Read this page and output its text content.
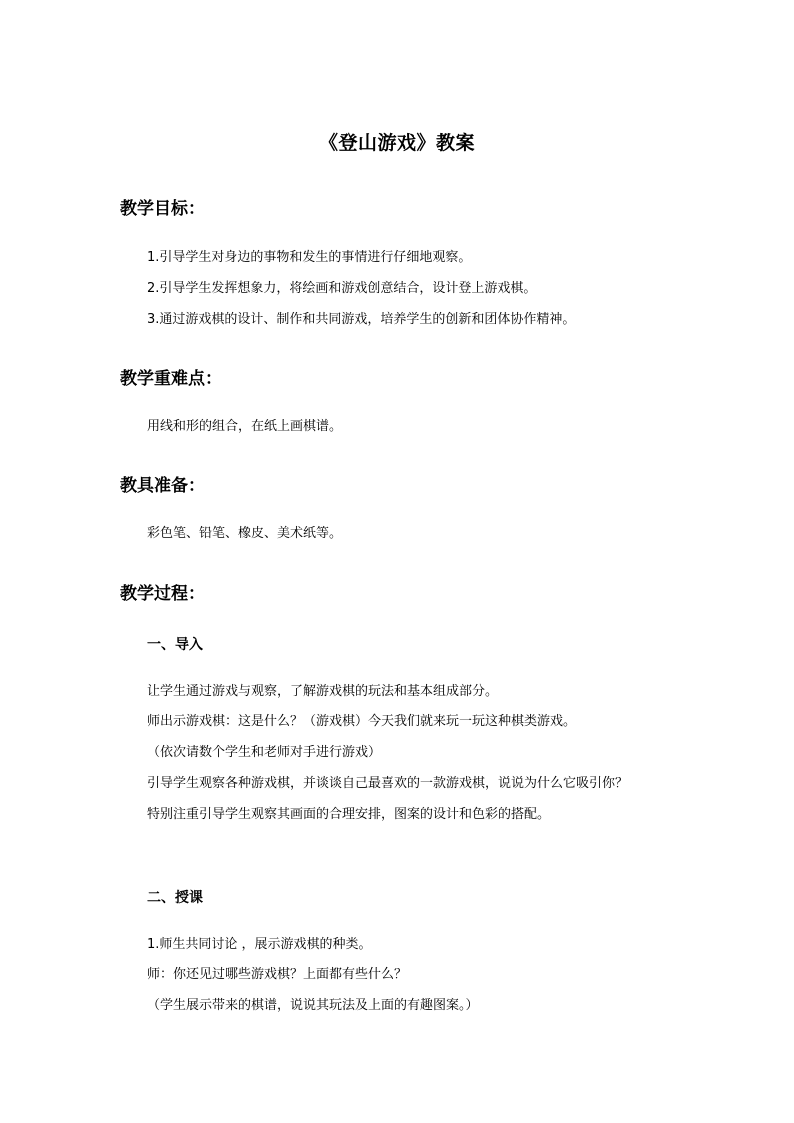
《登山游戏》教案
教学目标：
1.引导学生对身边的事物和发生的事情进行仔细地观察。
2.引导学生发挥想象力，将绘画和游戏创意结合，设计登上游戏棋。
3.通过游戏棋的设计、制作和共同游戏，培养学生的创新和团体协作精神。
教学重难点：
用线和形的组合，在纸上画棋谱。
教具准备：
彩色笔、铅笔、橡皮、美术纸等。
教学过程：
一、导入
让学生通过游戏与观察，了解游戏棋的玩法和基本组成部分。
师出示游戏棋：这是什么？（游戏棋）今天我们就来玩一玩这种棋类游戏。
（依次请数个学生和老师对手进行游戏）
引导学生观察各种游戏棋，并谈谈自己最喜欢的一款游戏棋，说说为什么它吸引你？
特别注重引导学生观察其画面的合理安排，图案的设计和色彩的搭配。
二、授课
1.师生共同讨论 ，展示游戏棋的种类。
师：你还见过哪些游戏棋？上面都有些什么？
（学生展示带来的棋谱，说说其玩法及上面的有趣图案。）
